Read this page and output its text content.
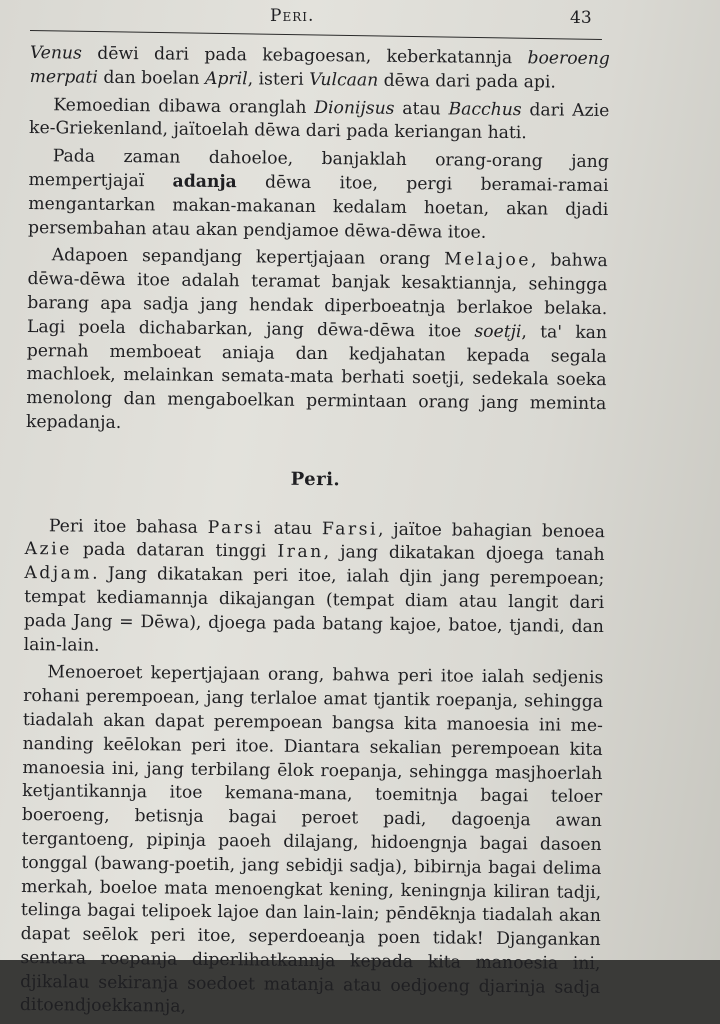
Peri.	43

Venus dēwi dari pada kebagoesan, keberkatannja boeroeng merpati dan boelan April, isteri Vulcaan dēwa dari pada api.

Kemoedian dibawa oranglah Dionijsus atau Bacchus dari Azie ke-Griekenland, jaïtoelah dēwa dari pada keriangan hati.

Pada zaman dahoeloe, banjaklah orang-orang jang mempertjajaï adanja dēwa itoe, pergi beramai-ramai mengantarkan makan-makanan kedalam hoetan, akan djadi persembahan atau akan pendjamoe dēwa-dēwa itoe.

Adapoen sepandjang kepertjajaan orang Melajoe, bahwa dēwa-dēwa itoe adalah teramat banjak kesaktiannja, sehingga barang apa sadja jang hendak diperboeatnja berlakoe belaka. Lagi poela dichabarkan, jang dēwa-dēwa itoe soetji, ta' kan pernah memboeat aniaja dan kedjahatan kepada segala machloek, melainkan semata-mata berhati soetji, sedekala soeka menolong dan mengaboelkan permintaan orang jang meminta kepadanja.

Peri.

Peri itoe bahasa Parsi atau Farsi, jaïtoe bahagian benoea Azie pada dataran tinggi Iran, jang dikatakan djoega tanah Adjam. Jang dikatakan peri itoe, ialah djin jang perempoean; tempat kediamannja dikajangan (tempat diam atau langit dari pada Jang = Dēwa), djoega pada batang kajoe, batoe, tjandi, dan lain-lain.

Menoeroet kepertjajaan orang, bahwa peri itoe ialah sedjenis rohani perempoean, jang terlaloe amat tjantik roepanja, sehingga tiadalah akan dapat perempoean bangsa kita manoesia ini me-nanding keēlokan peri itoe. Diantara sekalian perempoean kita manoesia ini, jang terbilang ēlok roepanja, sehingga masjhoerlah ketjantikannja itoe kemana-mana, toemitnja bagai teloer boeroeng, betisnja bagai peroet padi, dagoenja awan tergantoeng, pipinja paoeh dilajang, hidoengnja bagai dasoen tonggal (bawang-poetih, jang sebidji sadja), bibirnja bagai delima merkah, boeloe mata menoengkat kening, keningnja kiliran tadji, telinga bagai telipoek lajoe dan lain-lain; pēndēknja tiadalah akan dapat seēlok peri itoe, seperdoeanja poen tidak! Djangankan sentara roepanja diperlihatkannja kepada kita manoesia ini, djikalau sekiranja soedoet matanja atau oedjoeng djarinja sadja ditoendjoekkannja,
